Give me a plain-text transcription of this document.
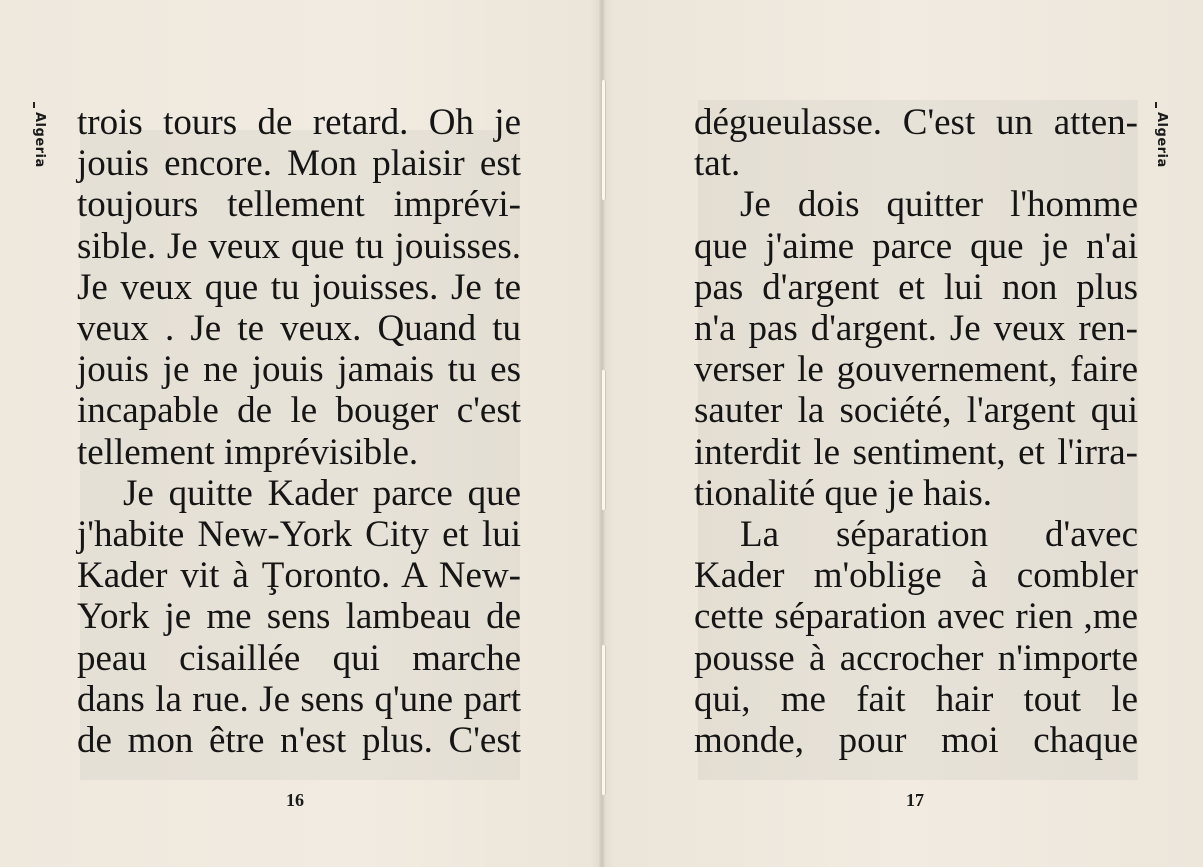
Algeria trois tours de retard. Oh je
jouis encore. Mon plaisir est
toujours tellement imprévi-
sible. Je veux que tu jouisses.
Je veux que tu jouisses. Je te
veux . Je te veux. Quand tu
jouis je ne jouis jamais tu es
incapable de le bouger c'est
tellement imprévisible.
Je quitte Kader parce que
j'habite New-York City et lui
Kader vit à Ţoronto. A New-
York je me sens lambeau de
peau cisaillée qui marche
dans la rue. Je sens q'une part
de mon être n'est plus. C'est
16
Algeria
dégueulasse. C'est un atten-
tat.
Je dois quitter l'homme
que j'aime parce que je n'ai
pas d'argent et lui non plus
n'a pas d'argent. Je veux ren-
verser le gouvernement, faire
sauter la société, l'argent qui
interdit le sentiment, et l'irra-
tionalité que je hais.
La séparation d'avec
Kader m'oblige à combler
cette séparation avec rien ,me
pousse à accrocher n'importe
qui, me fait hair tout le
monde, pour moi chaque
17
